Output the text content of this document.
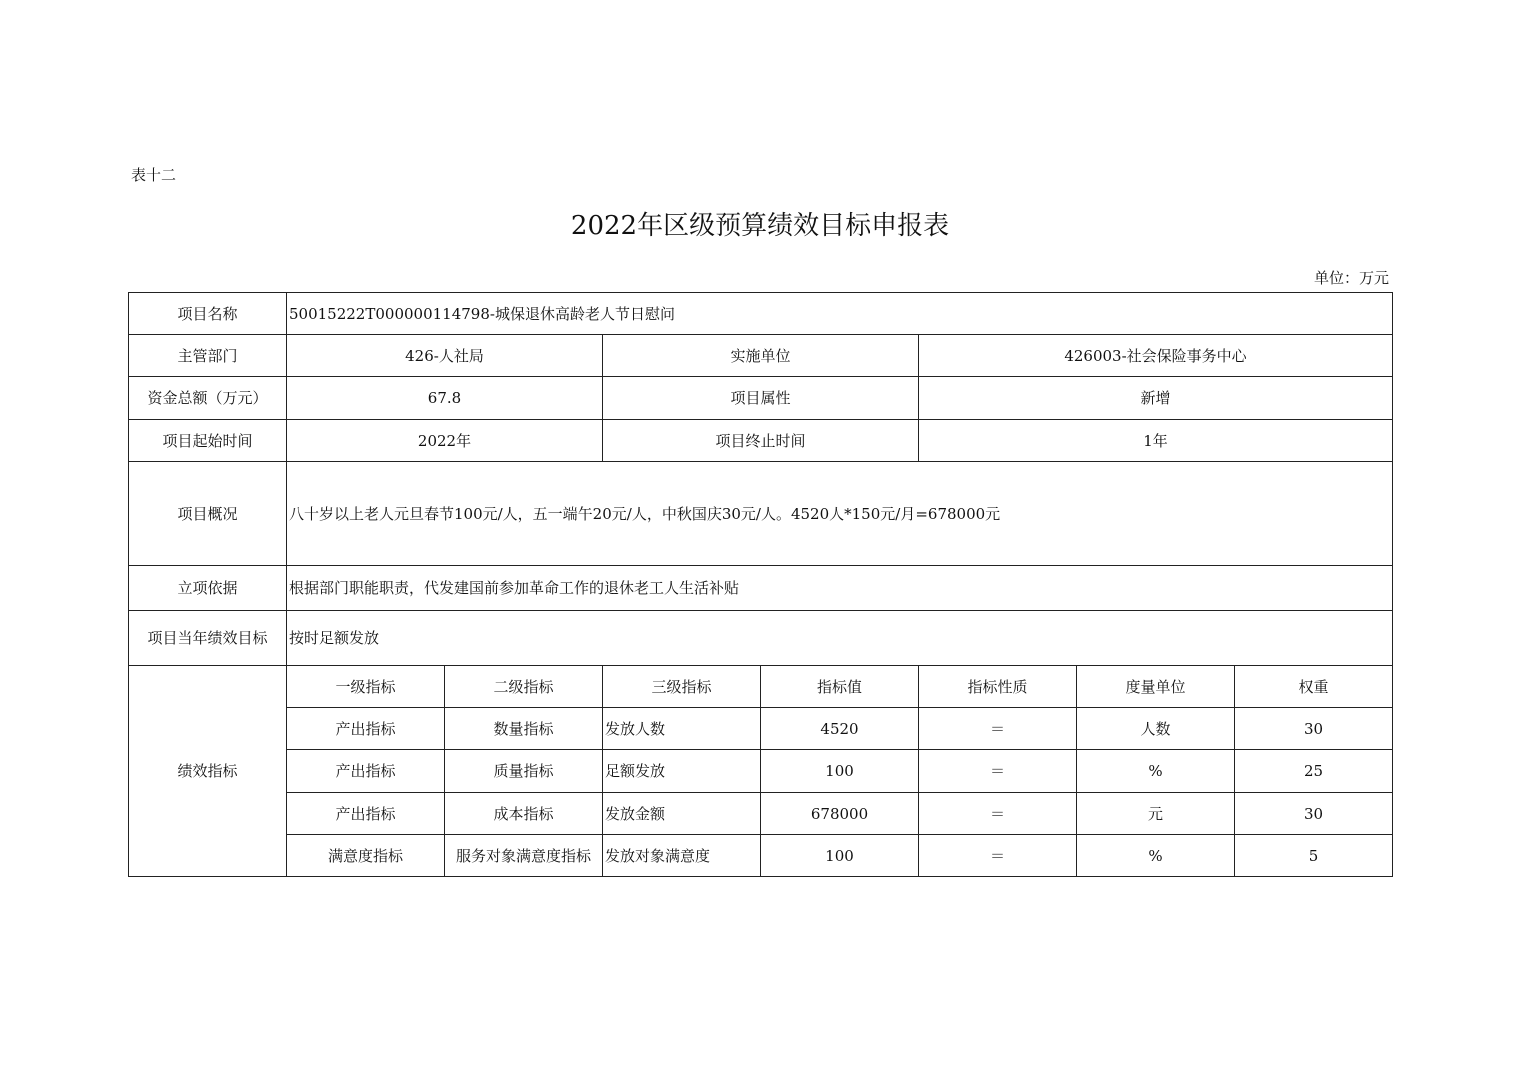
表十二
2022年区级预算绩效目标申报表
单位：万元
项目名称	50015222T000000114798-城保退休高龄老人节日慰问						
主管部门	426-人社局		实施单位		426003-社会保险事务中心		
资金总额（万元）	67.8		项目属性		新增		
项目起始时间	2022年		项目终止时间		1年		
项目概况	八十岁以上老人元旦春节100元/人，五一端午20元/人，中秋国庆30元/人。4520人*150元/月=678000元						
立项依据	根据部门职能职责，代发建国前参加革命工作的退休老工人生活补贴						
项目当年绩效目标	按时足额发放						
绩效指标	一级指标	二级指标	三级指标	指标值	指标性质	度量单位	权重
	产出指标	数量指标	发放人数	4520	＝	人数	30
	产出指标	质量指标	足额发放	100	＝	%	25
	产出指标	成本指标	发放金额	678000	＝	元	30
	满意度指标	服务对象满意度指标	发放对象满意度	100	＝	%	5
